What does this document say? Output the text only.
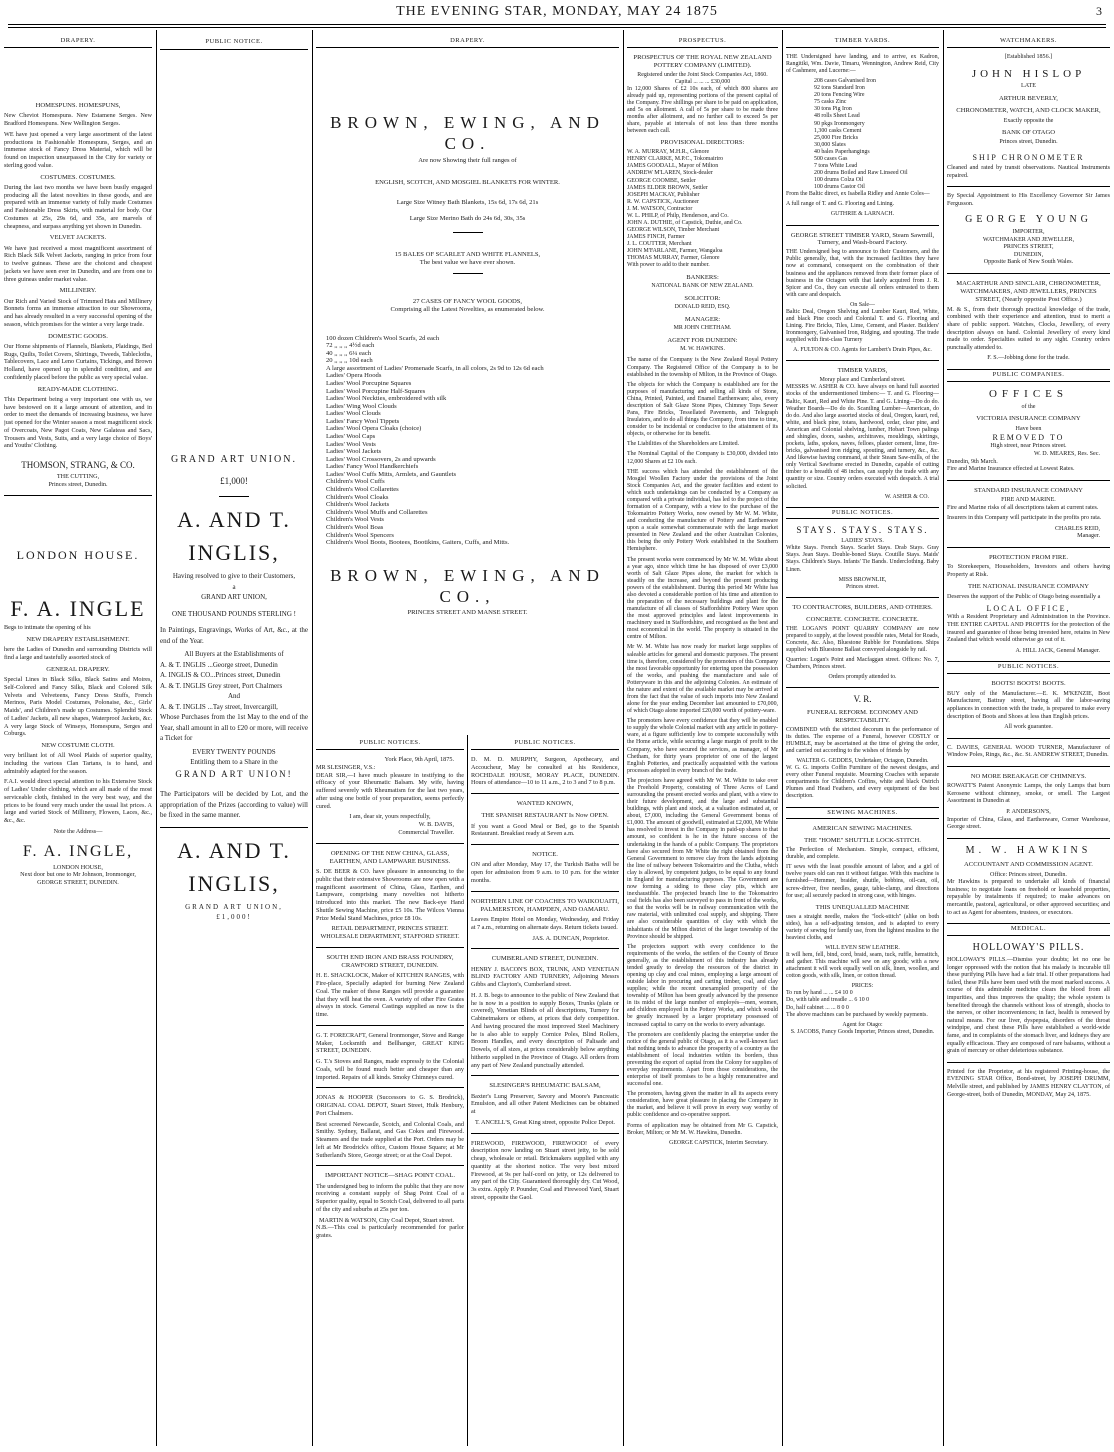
THE EVENING STAR, MONDAY, MAY 24 1875	3
DRAPERY.
HOMESPUNS. HOMESPUNS,

New Cheviot Homespuns. New Estamene Serges. New Bradford Homespuns. New Wellington Serges.

WE have just opened a very large assortment of the latest productions in Fashionable Homespuns, Serges, and an immense stock of Fancy Dress Material, which will be found on inspection unsurpassed in the City for variety or sterling good value.

COSTUMES. COSTUMES.

During the last two months we have been busily engaged producing all the latest novelties in these goods, and are prepared with an immense variety of fully made Costumes and Fashionable Dress Skirts, with material for body. Our Costumes at 25s, 29s 6d, and 35s, are marvels of cheapness, and surpass anything yet shown in Dunedin.

VELVET JACKETS.

We have just received a most magnificent assortment of Rich Black Silk Velvet Jackets, ranging in price from four to twelve guineas. These are the choicest and cheapest jackets we have seen ever in Dunedin, and are from one to three guineas under market value.

MILLINERY.

Our Rich and Varied Stock of Trimmed Hats and Millinery Bonnets forms an immense attraction to our Showrooms, and has already resulted in a very successful opening of the season, which promises for the winter a very large trade.

DOMESTIC GOODS.

Our Home shipments of Flannels, Blankets, Plaidings, Bed Rugs, Quilts, Toilet Covers, Shirtings, Tweeds, Tablecloths, Tablecovers, Lace and Leno Curtains, Tickings, and Brown Holland, have opened up in splendid condition, and are confidently placed before the public as very special value.

READY-MADE CLOTHING.

This Department being a very important one with us, we have bestowed on it a large amount of attention, and in order to meet the demands of increasing business, we have just opened for the Winter season a most magnificent stock of Overcoats, New Pagot Coats, New Galateas and Sacs, Trousers and Vests, Suits, and a very large choice of Boys' and Youths' Clothing.

THOMSON, STRANG, & CO.
THE CUTTING,
Princes street, Dunedin.
LONDON HOUSE.
F. A. INGLE

Begs to intimate the opening of his

NEW DRAPERY ESTABLISHMENT.

here the Ladies of Dunedin and surrounding Districts will find a large and tastefully assorted stock of

GENERAL DRAPERY.

Special Lines in Black Silks, Black Satins and Moires, Self-Colored and Fancy Silks, Black and Colored Silk Velvets and Velveteens, Fancy Dress Stuffs, French Merinos, Paris Model Costumes, Polonaise, &c., Girls' Maids', and Children's made up Costumes. Splendid Stock of Ladies' Jackets, all new shapes, Waterproof Jackets, &c. A very large Stock of Winseys, Homespuns, Serges and Coburgs.

NEW COSTUME CLOTH.

very brilliant lot of All Wool Plaids of superior quality, including the various Clan Tartans, is to hand, and admirably adapted for the season.

F.A.I. would direct special attention to his Extensive Stock of Ladies' Under clothing, which are all made of the most serviceable cloth, finished in the very best way, and the prices to be found very much under the usual list prices. A large and varied Stock of Millinery, Flowers, Laces, &c., &c., &c.

Note the Address—
F. A. INGLE,
LONDON HOUSE,
Next door but one to Mr Johnson, Ironmonger,
GEORGE STREET, DUNEDIN.
PUBLIC NOTICE.
GRAND ART UNION.
£1,000!
A. AND T. INGLIS,
Having resolved to give to their Customers,
a
GRAND ART UNION,
ONE THOUSAND POUNDS STERLING !

In Paintings, Engravings, Works of Art, &c., at the end of the Year.

All Buyers at the Establishments of
A. & T. INGLIS ...George street, Dunedin
A. INGLIS & CO...Princes street, Dunedin
A. & T. INGLIS Grey street, Port Chalmers
And
A. & T. INGLIS ...Tay street, Invercargill,

Whose Purchases from the 1st May to the end of the Year, shall amount in all to £20 or more, will receive a Ticket for

EVERY TWENTY POUNDS
Entitling them to a Share in the
GRAND ART UNION!

The Participators will be decided by Lot, and the appropriation of the Prizes (according to value) will be fixed in the same manner.

A. AND T. INGLIS,
GRAND ART UNION,
£1,000!
DRAPERY.
BROWN, EWING, AND CO.
Are now Showing their full ranges of
ENGLISH, SCOTCH, AND MOSGIEL BLANKETS FOR WINTER.
Large Size Witney Bath Blankets, 15s 6d, 17s 6d, 21s
Large Size Merino Bath do 24s 6d, 30s, 35s
15 BALES OF SCARLET AND WHITE FLANNELS,
The best value we have ever shown.
27 CASES OF FANCY WOOL GOODS,
Comprising all the Latest Novelties, as enumerated below.
100 dozen Children's Wool Scarfs, 2d each
72 ,, ,, ,, 4½d each
40 ,, ,, ,, 6¼ each
20 ,, ,, ,, 10d each
A large assortment of Ladies' Promenade Scarfs, in all colors, 2s 9d to 12s 6d each
Ladies' Opera Hoods
Ladies' Wool Porcupine Squares
Ladies' Wool Porcupine Half-Squares
Ladies' Wool Neckties, embroidered with silk
Ladies' Wing Wool Clouds
Ladies' Wool Clouds
Ladies' Fancy Wool Tippets
Ladies' Wool Opera Cloaks (choice)
Ladies' Wool Caps
Ladies' Wool Vests
Ladies' Wool Jackets
Ladies' Wool Crossovers, 2s and upwards
Ladies' Fancy Wool Handkerchiefs
Ladies' Wool Cuffs Mitts, Armlets, and Gauntlets
Children's Wool Cuffs
Children's Wool Collarettes
Children's Wool Cloaks
Children's Wool Jackets
Children's Wool Muffs and Collarettes
Children's Wool Vests
Children's Wool Boas
Children's Wool Spencers
Children's Wool Boots, Bootees, Bootikins, Gaiters, Cuffs, and Mitts.
BROWN, EWING, AND CO.,
PRINCES STREET AND MANSE STREET.
PUBLIC NOTICES.
York Place, 9th April, 1875.
MR SLESINGER, V.S.:

DEAR SIR,—I have much pleasure in testifying to the efficacy of your Rheumatic Balsam. My wife, having suffered severely with Rheumatism for the last two years, after using one bottle of your preparation, seems perfectly cured.

I am, dear sir, yours respectfully,
W. B. DAVIS,
Commercial Traveller.
OPENING OF THE NEW CHINA, GLASS, EARTHEN, AND LAMPWARE BUSINESS.

S. DE BEER & CO. have pleasure in announcing to the public that their extensive Showrooms are now open with a magnificent assortment of China, Glass, Earthen, and Lampware, comprising many novelties not hitherto introduced into this market. The new Back-eye Hand Shuttle Sewing Machine, price £5 10s. The Wilcox Vienna Prize Medal Stand Machines, price £8 10s.

RETAIL DEPARTMENT, PRINCES STREET. WHOLESALE DEPARTMENT, STAFFORD STREET.
SOUTH END IRON AND BRASS FOUNDRY, CRAWFORD STREET, DUNEDIN.

H. E. SHACKLOCK, Maker of KITCHEN RANGES, with Fire-place, Specially adapted for burning New Zealand Coal. The maker of these Ranges will provide a guarantee that they will heat the oven. A variety of other Fire Grates always in stock. General Castings supplied as now is the time.

G. T. FORECRAFT, General Ironmonger, Stove and Range Maker, Locksmith and Bellhanger, GREAT KING STREET, DUNEDIN.

G. T.'s Stoves and Ranges, made expressly to the Colonial Coals, will be found much better and cheaper than any imported. Repairs of all kinds. Smoky Chimneys cured.

JONAS & HOOPER (Successors to G. S. Brodrick), ORIGINAL COAL DEPOT, Stuart Street, Hulk Henbury, Port Chalmers.

Best screened Newcastle, Scotch, and Colonial Coals, and Smithy. Sydney, Ballarat, and Gas Cokes and Firewood. Steamers and the trade supplied at the Port. Orders may be left at Mr Brodrick's office, Custom House Square; at Mr Sutherland's Store, George street; or at the Coal Depot.

IMPORTANT NOTICE—SHAG POINT COAL.

The undersigned beg to inform the public that they are now receiving a constant supply of Shag Point Coal of a Superior quality, equal to Scotch Coal, delivered to all parts of the city and suburbs at 25s per ton.

MARTIN & WATSON, City Coal Depot, Stuart street.

N.B.—This coal is particularly recommended for parlor grates.

PUBLIC NOTICES.

D. M. D. MURPHY, Surgeon, Apothecary, and Accoucheur, May be consulted at his Residence, ROCHDALE HOUSE, MORAY PLACE, DUNEDIN. Hours of attendance—10 to 11 a.m., 2 to 3 and 7 to 8 p.m.

WANTED KNOWN,
THE SPANISH RESTAURANT Is Now OPEN.

If you want a Good Meal or Bed, go to the Spanish Restaurant. Breakfast ready at Seven a.m.

NOTICE.

ON and after Monday, May 17, the Turkish Baths will be open for admission from 9 a.m. to 10 p.m. for the winter months.

NORTHERN LINE OF COACHES TO WAIKOUAITI, PALMERSTON, HAMPDEN, AND OAMARU.

Leaves Empire Hotel on Monday, Wednesday, and Friday at 7 a.m., returning on alternate days. Return tickets issued.

JAS. A. DUNCAN, Proprietor.
CUMBERLAND STREET, DUNEDIN.

HENRY J. BACON'S BOX, TRUNK, AND VENETIAN BLIND FACTORY AND TURNERY, Adjoining Messrs Gibbs and Clayton's, Cumberland street.

H. J. B. begs to announce to the public of New Zealand that he is now in a position to supply Boxes, Trunks (plain or covered), Venetian Blinds of all descriptions, Turnery for Cabinetmakers or others, at prices that defy competition. And having procured the most improved Steel Machinery he is also able to supply Cornice Poles, Blind Rollers, Broom Handles, and every description of Palisade and Dowels, of all sizes, at prices considerably below anything hitherto supplied in the Province of Otago. All orders from any part of New Zealand punctually attended.

SLESINGER'S RHEUMATIC BALSAM,

Baxter's Lung Preserver, Savory and Moore's Pancreatic Emulsion, and all other Patent Medicines can be obtained at

T. ANCELL'S, Great King street, opposite Police Depot.

FIREWOOD, FIREWOOD, FIREWOOD! of every description now landing on Stuart street jetty, to be sold cheap, wholesale or retail. Brickmakers supplied with any quantity at the shortest notice. The very best mixed Firewood, at 9s per half-cord on jetty, or 12s delivered to any part of the City. Guaranteed thoroughly dry. Cut Wood, 3s extra. Apply P. Pounder, Coal and Firewood Yard, Stuart street, opposite the Gaol.

PROSPECTUS.
PROSPECTUS OF THE ROYAL NEW ZEALAND POTTERY COMPANY (LIMITED).
Registered under the Joint Stock Companies Act, 1860.
Capital ... ... ... £30,000

In 12,000 Shares of £2 10s each, of which 800 shares are already paid up, representing portions of the present capital of the Company. Five shillings per share to be paid on application, and 5s on allotment. A call of 5s per share to be made three months after allotment, and no further call to exceed 5s per share, payable at intervals of not less than three months between each call.

PROVISIONAL DIRECTORS:
W. A. MURRAY, M.H.R., Glenore
HENRY CLARKE, M.P.C., Tokomairiro
JAMES GOODALL, Mayor of Milton
ANDREW M'LAREN, Stock-dealer
GEORGE COOMBE, Settler
JAMES ELDER BROWN, Settler
JOSEPH MACKAY, Publisher
R. W. CAPSTICK, Auctioneer
J. M. WATSON, Contractor
W. L. PHILP, of Philp, Henderson, and Co.
JOHN A. DUTHIE, of Capstick, Duthie, and Co.
GEORGE WILSON, Timber Merchant
JAMES FINCH, Farmer
J. L. COUTTER, Merchant
JOHN M'FARLANE, Farmer, Wangaloa
THOMAS MURRAY, Farmer, Glenore
With power to add to their number.
BANKERS:
NATIONAL BANK OF NEW ZEALAND.
SOLICITOR:
DONALD REID, ESQ.
MANAGER:
MR JOHN CHETHAM.
AGENT FOR DUNEDIN:
M. W. HAWKINS.

The name of the Company is the New Zealand Royal Pottery Company. The Registered Office of the Company is to be established in the township of Milton, in the Province of Otago.

The objects for which the Company is established are for the purposes of manufacturing and selling all kinds of Stone, China, Printed, Painted, and Enamel Earthenware; also, every description of Salt Glaze Stone Pipes, Chimney Tops Sewer Pans, Fire Bricks, Tessellated Pavements, and Telegraph Insulators, and to do all things the Company, from time to time, consider to be incidental or conducive to the attainment of its objects, or otherwise for its benefit.

The Liabilities of the Shareholders are Limited.

The Nominal Capital of the Company is £30,000, divided into 12,000 Shares at £2 10s each.

THE success which has attended the establishment of the Mosgiel Woollen Factory under the provisions of the Joint Stock Companies Act, and the greater facilities and extent to which such undertakings can be conducted by a Company as compared with a private individual, has led to the project of the formation of a Company, with a view to the purchase of the Tokomairiro Pottery Works, now owned by Mr W. M. White, and conducting the manufacture of Pottery and Earthenware upon a scale somewhat commensurate with the large market presented in New Zealand and the other Australian Colonies, this being the only Pottery Work established in the Southern Hemisphere.

The present works were commenced by Mr W. M. White about a year ago, since which time he has disposed of over £3,000 worth of Salt Glaze Pipes alone, the market for which is steadily on the increase, and beyond the present producing powers of the establishment. During this period Mr White has also devoted a considerable portion of his time and attention to the preparation of the necessary buildings and plant for the manufacture of all classes of Staffordshire Pottery Ware upon the most approved principles and latest improvements in machinery used in Staffordshire, and recognised as the best and most economical in the world. The property is situated in the centre of Milton.

Mr W. M. White has now ready for market large supplies of saleable articles for general and domestic purposes. The present time is, therefore, considered by the promoters of this Company the most favorable opportunity for entering upon the possession of the works, and pushing the manufacture and sale of Potteryware in this and the adjoining Colonies. An estimate of the nature and extent of the available market may be arrived at from the fact that the value of such imports into New Zealand alone for the year ending December last amounted to £70,000, of which Otago alone imported £20,000 worth of pottery-ware.

The promoters have every confidence that they will be enabled to supply the whole Colonial market with any article in pottery-ware, at a figure sufficiently low to compete successfully with the Home article, while securing a large margin of profit to the Company, who have secured the services, as manager, of Mr Chetham, for thirty years proprietor of one of the largest English Potteries, and practically acquainted with the various processes adopted in every branch of the trade.

The projectors have agreed with Mr W. M. White to take over the Freehold Property, consisting of Three Acres of Land surrounding the present erected works and plant, with a view to their future development, and the large and substantial buildings, with plant and stock, at a valuation estimated at, or about, £7,000, including the General Government bonus of £1,000. The amount of goodwill, estimated at £2,000, Mr White has resolved to invest in the Company in paid-up shares to that amount, so confident is he in the future success of the undertaking in the hands of a public Company. The proprietors have also secured from Mr White the right obtained from the General Government to remove clay from the lands adjoining the line of railway between Tokomairiro and the Clutha, which clay is allowed, by competent judges, to be equal to any found in England for manufacturing purposes. The Government are now forming a siding to these clay pits, which are inexhaustible. The projected branch line to the Tokomairiro coal fields has also been surveyed to pass in front of the works, so that the works will be in railway communication with the raw material, with unlimited coal supply, and shipping. There are also considerable quantities of clay with which the inhabitants of the Milton district of the larger township of the Province should be shipped.

The projectors support with every confidence to the requirements of the works, the settlers of the County of Bruce generally, as the establishment of this industry has already tended greatly to develop the resources of the district in opening up clay and coal mines, employing a large amount of outside labor in procuring and carting timber, coal, and clay supplies; while the recent unexampled prosperity of the township of Milton has been greatly advanced by the presence in its midst of the large number of employés—men, women, and children employed in the Pottery Works, and which would be greatly increased by a larger proprietary possessed of increased capital to carry on the works to every advantage.

The promoters are confidently placing the enterprise under the notice of the general public of Otago, as it is a well-known fact that nothing tends to advance the prosperity of a country as the establishment of local industries within its borders, thus preventing the export of capital from the Colony for supplies of everyday requirements. Apart from those considerations, the enterprise of itself promises to be a highly remunerative and successful one.

The promoters, having given the matter in all its aspects every consideration, have great pleasure in placing the Company in the market, and believe it will prove in every way worthy of public confidence and co-operative support.

Forms of application may be obtained from Mr G. Capstick, Broker, Milton; or Mr M. W. Hawkins, Dunedin.

GEORGE CAPSTICK, Interim Secretary.
TIMBER YARDS.

THE Undersigned have landing, and to arrive, ex Kadron, Rangitiki, Wm. Davie, Timaru, Wennington, Andrew Reid, City of Cashmere, and Lucerne:—

208 cases Galvanised Iron
92 tons Standard Iron
20 tons Fencing Wire
75 casks Zinc
30 tons Pig Iron
48 rolls Sheet Lead
90 pkgs Ironmongery
1,300 casks Cement
25,000 Fire Bricks
30,000 Slates
40 bales Paperhangings
500 cases Gas
7 tons White Lead
200 drums Boiled and Raw Linseed Oil
100 drums Colza Oil
100 drums Castor Oil

From the Baltic direct, ex Isabella Ridley and Annie Coles—

A full range of T. and G. Flooring and Lining.

GUTHRIE & LARNACH.
GEORGE STREET TIMBER YARD, Steam Sawmill, Turnery, and Wash-board Factory.

THE Undersigned beg to announce to their Customers, and the Public generally, that, with the increased facilities they have now at command, consequent on the combination of their business and the appliances removed from their former place of business in the Octagon with that lately acquired from J. R. Spicer and Co., they can execute all orders entrusted to them with care and despatch.

On Sale—

Baltic Deal, Oregon Shelving and Lumber Kauri, Red, White, and black Pine cooch and Colonial T. and G. Flooring and Lining. Fire Bricks, Tiles, Lime, Cement, and Plaster. Builders' Ironmongery, Galvanised Iron, Ridging, and spouting. The trade supplied with first-class Turnery

A. FULTON & CO. Agents for Lambert's Drain Pipes, &c.
TIMBER YARDS,
Moray place and Cumberland street.

MESSRS W. ASHER & CO. have always on hand full assorted stocks of the undermentioned timbers:— T. and G. Flooring—Baltic, Kauri, Red and White Pine. T. and G. Lining—Do do do. Weather Boards—Do do do. Scantling Lumber—American, do do do. And also large assorted stocks of deal, Oregon, kauri, red, white, and black pine, totara, hardwood, cedar, clear pine, and American and Colonial shelving, lumber, Hobart Town palings and shingles, doors, sashes, architraves, mouldings, skirtings, pockets, laths, spokes, naves, felloes, plaster cement, lime, fire-bricks, galvanised iron ridging, spouting, and turnery, &c., &c. And likewise having command, at their Steam Saw-mills, of the only Vertical Sawframe erected in Dunedin, capable of cutting timber to a breadth of 48 inches, can supply the trade with any quantity or size. Country orders executed with despatch. A trial solicited.

W. ASHER & CO.
PUBLIC NOTICES.
STAYS. STAYS. STAYS.
LADIES' STAYS.

White Stays. French Stays. Scarlet Stays. Drab Stays. Gray Stays. Jean Stays. Double-boned Stays. Coutille Stays. Maids' Stays. Children's Stays. Infants' Tie Bands. Underclothing. Baby Linen.

MISS BROWNLIE,
Princes street.
TO CONTRACTORS, BUILDERS, AND OTHERS.
CONCRETE. CONCRETE. CONCRETE.

THE LOGAN'S POINT QUARRY COMPANY are now prepared to supply, at the lowest possible rates, Metal for Roads, Concrete, &c. Also, Bluestone Rubble for Foundations. Ships supplied with Bluestone Ballast conveyed alongside by rail.

Quarries: Logan's Point and Macfaggan street. Offices: No. 7, Chambers, Princes street.

Orders promptly attended to.
V. R.
FUNERAL REFORM. ECONOMY AND RESPECTABILITY.

COMBINED with the strictest decorum in the performance of its duties. The expense of a Funeral, however COSTLY or HUMBLE, may be ascertained at the time of giving the order, and carried out according to the wishes of friends by

WALTER G. GEDDES, Undertaker, Octagon, Dunedin.

W. G. G. imports Coffin Furniture of the newest designs, and every other Funeral requisite. Mourning Coaches with separate compartments for Children's Coffins, white and black Ostrich Plumes and Head Feathers, and every equipment of the best description.

SEWING MACHINES.
AMERICAN SEWING MACHINES.
THE "HOME" SHUTTLE LOCK-STITCH.

The Perfection of Mechanism. Simple, compact, efficient, durable, and complete.

IT sews with the least possible amount of labor, and a girl of twelve years old can run it without fatigue. With this machine is furnished—Hemmer, braider, shuttle, bobbins, oil-can, oil, screw-driver, five needles, gauge, table-clamp, and directions for use; all securely packed in strong case, with hinges.

THIS UNEQUALLED MACHINE

uses a straight needle, makes the "lock-stitch" (alike on both sides), has a self-adjusting tension, and is adapted to every variety of sewing for family use, from the lightest muslins to the heaviest cloths, and

WILL EVEN SEW LEATHER.

It will hem, fell, bind, cord, braid, seam, tuck, ruffle, hemstitch, and gather. This machine will sew on any goods; with a new attachment it will work equally well on silk, linen, woollen, and cotton goods, with silk, linen, or cotton thread.

PRICES:
To run by hand ... ... £4 10 0
Do, with table and treadle ... 6 10 0
Do, half cabinet ... ... 8 0 0

The above machines can be purchased by weekly payments.

Agent for Otago:
S. JACOBS, Fancy Goods Importer, Princes street, Dunedin.
WATCHMAKERS.
[Established 1856.]
JOHN HISLOP
LATE
ARTHUR BEVERLY,
CHRONOMETER, WATCH, AND CLOCK MAKER,
Exactly opposite the
BANK OF OTAGO
Princes street, Dunedin.
SHIP CHRONOMETER

Cleaned and rated by transit observations. Nautical Instruments repaired.

By Special Appointment to His Excellency Governor Sir James Fergusson.

GEORGE YOUNG
IMPORTER,
WATCHMAKER AND JEWELLER,
PRINCES STREET,
DUNEDIN,
Opposite Bank of New South Wales.
MACARTHUR AND SINCLAIR, CHRONOMETER, WATCHMAKERS, AND JEWELLERS, PRINCES STREET, (Nearly opposite Post Office.)

M. & S., from their thorough practical knowledge of the trade, combined with their experience and attention, trust to merit a share of public support. Watches, Clocks, Jewellery, of every description always on hand. Colonial Jewellery of every kind made to order. Specialties suited to any sight. Country orders punctually attended to.

F. S.—Jobbing done for the trade.
PUBLIC COMPANIES.
OFFICES
of the
VICTORIA INSURANCE COMPANY
Have been
REMOVED TO
High street, near Princes street.
W. D. MEARES, Res. Sec.
Dunedin, 9th March.

Fire and Marine Insurance effected at Lowest Rates.

STANDARD INSURANCE COMPANY
FIRE AND MARINE.

Fire and Marine risks of all descriptions taken at current rates.

Insurers in this Company will participate in the profits pro rata.

CHARLES REID,
Manager.
PROTECTION FROM FIRE.

To Storekeepers, Householders, Investors and others having Property at Risk.

THE NATIONAL INSURANCE COMPANY

Deserves the support of the Public of Otago being essentially a

LOCAL OFFICE,

With a Resident Proprietary and Administration in the Province. THE ENTIRE CAPITAL AND PROFITS for the protection of the insured and guarantee of those being invested here, retains in New Zealand that which would otherwise go out of it.

A. HILL JACK, General Manager.
PUBLIC NOTICES.
BOOTS! BOOTS! BOOTS.

BUY only of the Manufacturer.—E. K. M'KENZIE, Boot Manufacturer, Battray street, having all the labor-saving appliances in connection with the trade, is prepared to make every description of Boots and Shoes at less than English prices.

All work guarantee.

C. DAVIES, GENERAL WOOD TURNER, Manufacturer of Window Poles, Rings, &c., &c. St. ANDREW STREET, Dunedin.

NO MORE BREAKAGE OF CHIMNEYS.

ROWATT'S Patent Anonymic Lamps, the only Lamps that burn Kerosene without chimney, smoke, or smell. The Largest Assortment in Dunedin at

P. ANDERSON'S,

Importer of China, Glass, and Earthenware, Corner Warehouse, George street.

M. W. HAWKINS
ACCOUNTANT AND COMMISSION AGENT.
Office: Princes street, Dunedin.

Mr Hawkins is prepared to undertake all kinds of financial business; to negotiate loans on freehold or leasehold properties, repayable by instalments if required; to make advances on mercantile, pastoral, agricultural, or other approved securities; and to act as Agent for absentees, trustees, or executors.

MEDICAL.
HOLLOWAY'S PILLS.

HOLLOWAY'S PILLS.—Dismiss your doubts; let no one be longer oppressed with the notion that his malady is incurable till these purifying Pills have had a fair trial. If other preparations had failed, these Pills have been used with the most marked success. A course of this admirable medicine clears the blood from all impurities, and thus improves the quality; the whole system is benefited through the channels without loss of strength, shocks to the nerves, or other inconveniences; in fact, health is renewed by natural means. For our liver, dyspepsia, disorders of the throat windpipe, and chest these Pills have established a world-wide fame, and in complaints of the stomach liver, and kidneys they are equally efficacious. They are composed of rare balsams, without a grain of mercury or other deleterious substance.

Printed for the Proprietor, at his registered Printing-house, the EVENING STAR Office, Bond-street, by JOSEPH DRUMM, Melville street, and published by JAMES HENRY CLAYTON, of George-street, both of Dunedin, MONDAY, May 24, 1875.
